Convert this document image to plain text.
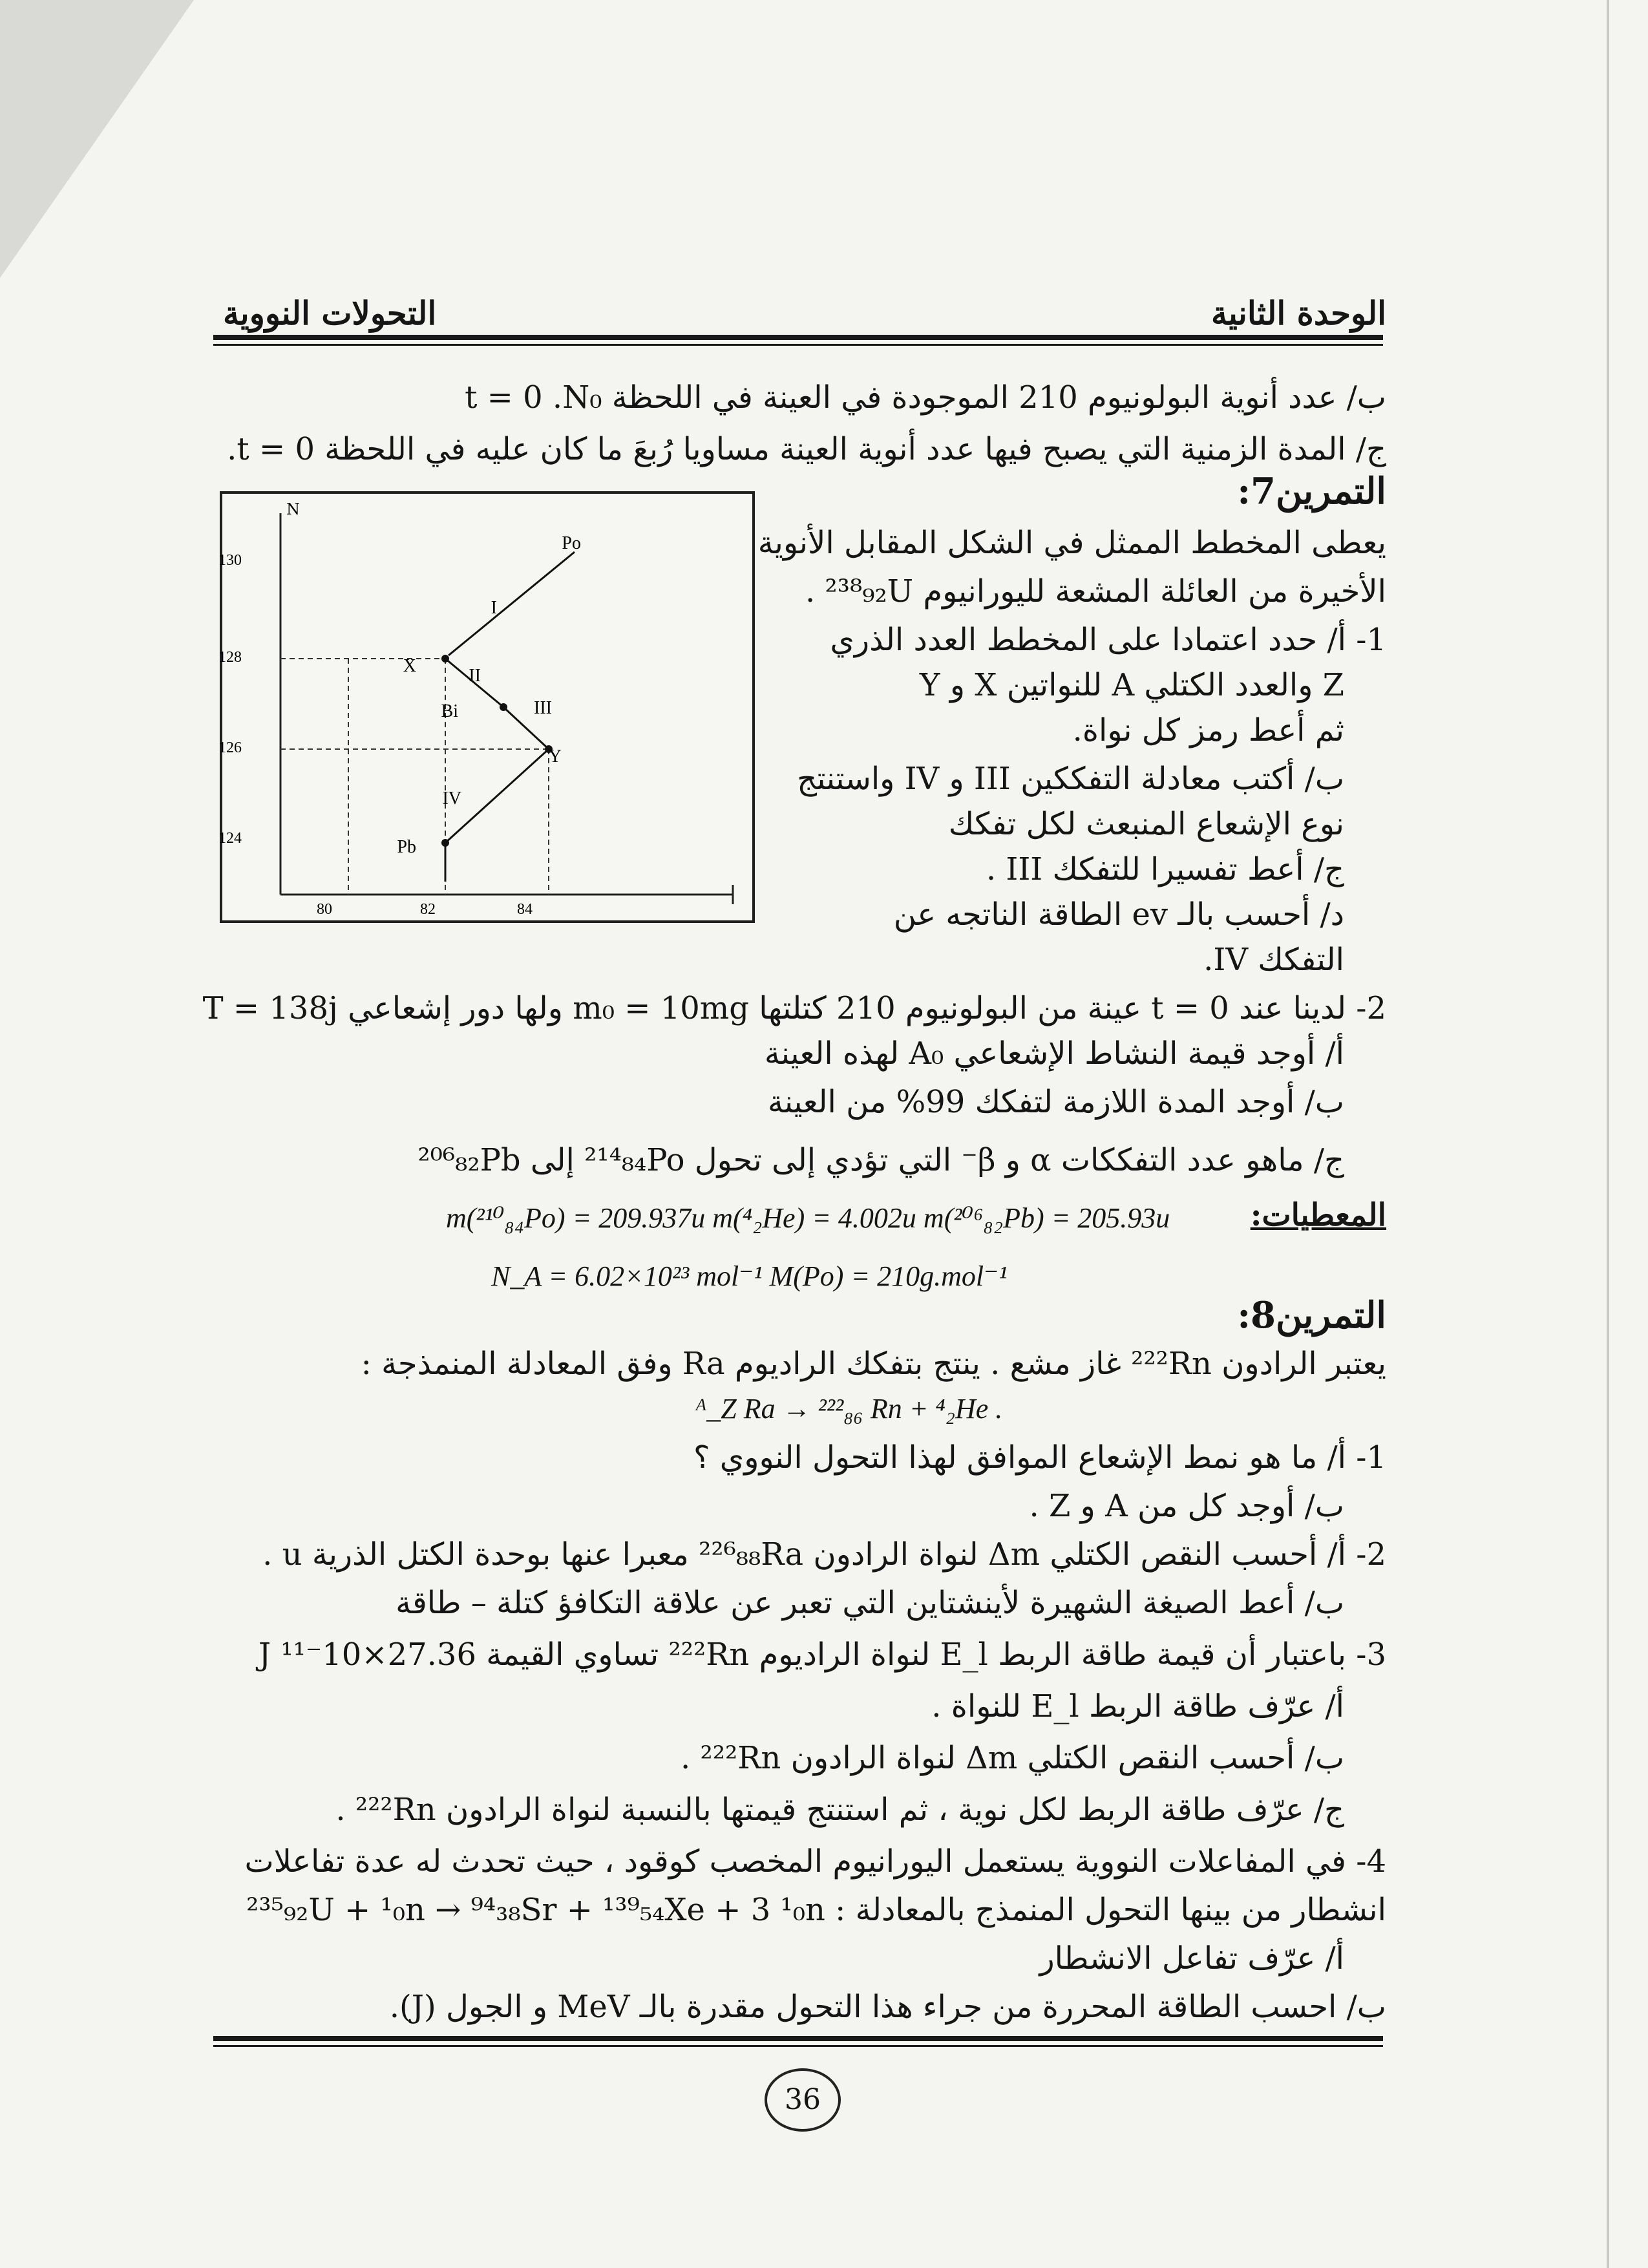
الوحدة الثانية
التحولات النووية
ب/ عدد أنوية البولونيوم 210 الموجودة في العينة في اللحظة t = 0 .N₀
ج/ المدة الزمنية التي يصبح فيها عدد أنوية العينة مساويا رُبعَ ما كان عليه في اللحظة t = 0.
التمرين7:
يعطى المخطط الممثل في الشكل المقابل الأنوية
الأخيرة من العائلة المشعة لليورانيوم ²³⁸₉₂U .
1- أ/ حدد اعتمادا على المخطط العدد الذري
Z والعدد الكتلي A للنواتين X و Y
ثم أعط رمز كل نواة.
ب/ أكتب معادلة التفككين III و IV واستنتج
نوع الإشعاع المنبعث لكل تفكك
ج/ أعط تفسيرا للتفكك III .
د/ أحسب بالـ ev الطاقة الناتجه عن
التفكك IV.
2- لدينا عند t = 0 عينة من البولونيوم 210 كتلتها m₀ = 10mg ولها دور إشعاعي T = 138j
أ/ أوجد قيمة النشاط الإشعاعي A₀ لهذه العينة
ب/ أوجد المدة اللازمة لتفكك 99% من العينة
ج/ ماهو عدد التفككات α و β⁻ التي تؤدي إلى تحول ²¹⁴₈₄Po إلى ²⁰⁶₈₂Pb
المعطيات:
m(²¹⁰₈₄Po) = 209.937u m(⁴₂He) = 4.002u m(²⁰⁶₈₂Pb) = 205.93u
N_A = 6.02×10²³ mol⁻¹ M(Po) = 210g.mol⁻¹
N
130
128
126
124
80	82	84
Po
X	II
Bi	III
Y
IV
Pb
I
التمرين8:
يعتبر الرادون ²²²Rn غاز مشع . ينتج بتفكك الراديوم Ra وفق المعادلة المنمذجة :
ᴬ_Z Ra → ²²²₈₆ Rn + ⁴₂He .
1- أ/ ما هو نمط الإشعاع الموافق لهذا التحول النووي ؟
ب/ أوجد كل من A و Z .
2- أ/ أحسب النقص الكتلي Δm لنواة الرادون ²²⁶₈₈Ra معبرا عنها بوحدة الكتل الذرية u .
ب/ أعط الصيغة الشهيرة لأينشتاين التي تعبر عن علاقة التكافؤ كتلة – طاقة
3- باعتبار أن قيمة طاقة الربط E_l لنواة الراديوم ²²²Rn تساوي القيمة 27.36×10⁻¹¹ J
أ/ عرّف طاقة الربط E_l للنواة .
ب/ أحسب النقص الكتلي Δm لنواة الرادون ²²²Rn .
ج/ عرّف طاقة الربط لكل نوية ، ثم استنتج قيمتها بالنسبة لنواة الرادون ²²²Rn .
4- في المفاعلات النووية يستعمل اليورانيوم المخصب كوقود ، حيث تحدث له عدة تفاعلات
انشطار من بينها التحول المنمذج بالمعادلة : ²³⁵₉₂U + ¹₀n → ⁹⁴₃₈Sr + ¹³⁹₅₄Xe + 3 ¹₀n
أ/ عرّف تفاعل الانشطار
ب/ احسب الطاقة المحررة من جراء هذا التحول مقدرة بالـ MeV و الجول (J).
36
